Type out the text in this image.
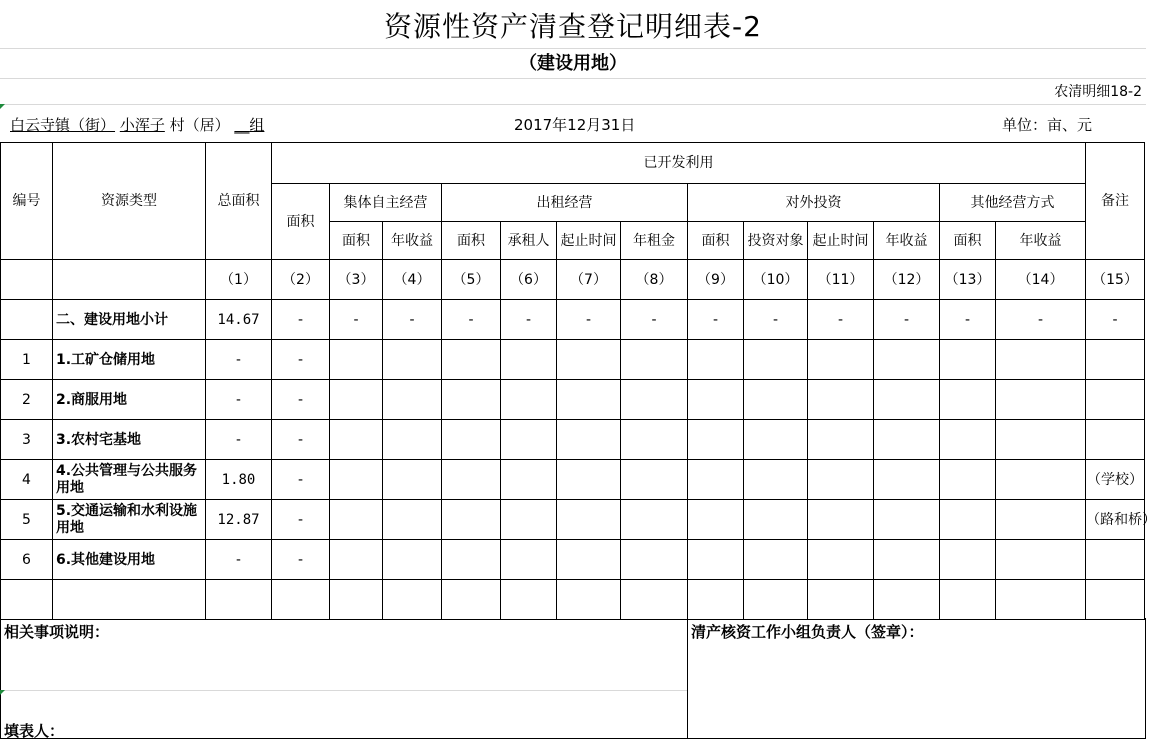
资源性资产清查登记明细表-2
（建设用地）
农清明细18-2
白云寺镇（街） 小浑子 村（居） __组	2017年12月31日	单位：亩、元
编号	资源类型	总面积	已开发利用													备注
			面积	集体自主经营		出租经营				对外投资				其他经营方式		
				面积	年收益	面积	承租人	起止时间	年租金	面积	投资对象	起止时间	年收益	面积	年收益	
		（1）	（2）	（3）	（4）	（5）	（6）	（7）	（8）	（9）	（10）	（11）	（12）	（13）	（14）	（15）
	二、建设用地小计	14.67	-	-	-	-	-	-	-	-	-	-	-	-	-	-
1	1.工矿仓储用地	-	-													
2	2.商服用地	-	-													
3	3.农村宅基地	-	-													
4	4.公共管理与公共服务用地	1.80	-													（学校）
5	5.交通运输和水利设施用地	12.87	-													（路和桥）
6	6.其他建设用地	-	-													

相关事项说明：
填表人：
清产核资工作小组负责人（签章）：
